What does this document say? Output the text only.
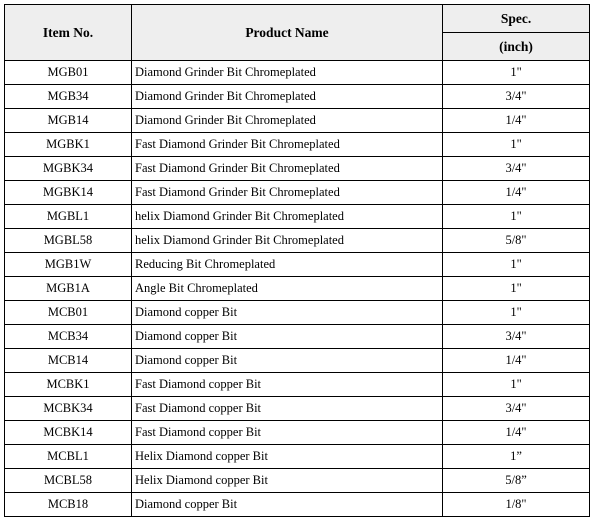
Item No.	Product Name	Spec.
		(inch)
MGB01	Diamond Grinder Bit Chromeplated	1"
MGB34	Diamond Grinder Bit Chromeplated	3/4"
MGB14	Diamond Grinder Bit Chromeplated	1/4"
MGBK1	Fast Diamond Grinder Bit Chromeplated	1"
MGBK34	Fast Diamond Grinder Bit Chromeplated	3/4"
MGBK14	Fast Diamond Grinder Bit Chromeplated	1/4"
MGBL1	helix Diamond Grinder Bit Chromeplated	1"
MGBL58	helix Diamond Grinder Bit Chromeplated	5/8"
MGB1W	Reducing Bit Chromeplated	1"
MGB1A	Angle Bit Chromeplated	1"
MCB01	Diamond copper Bit	1"
MCB34	Diamond copper Bit	3/4"
MCB14	Diamond copper Bit	1/4"
MCBK1	Fast Diamond copper Bit	1"
MCBK34	Fast Diamond copper Bit	3/4"
MCBK14	Fast Diamond copper Bit	1/4"
MCBL1	Helix Diamond copper Bit	1”
MCBL58	Helix Diamond copper Bit	5/8”
MCB18	Diamond copper Bit	1/8"
